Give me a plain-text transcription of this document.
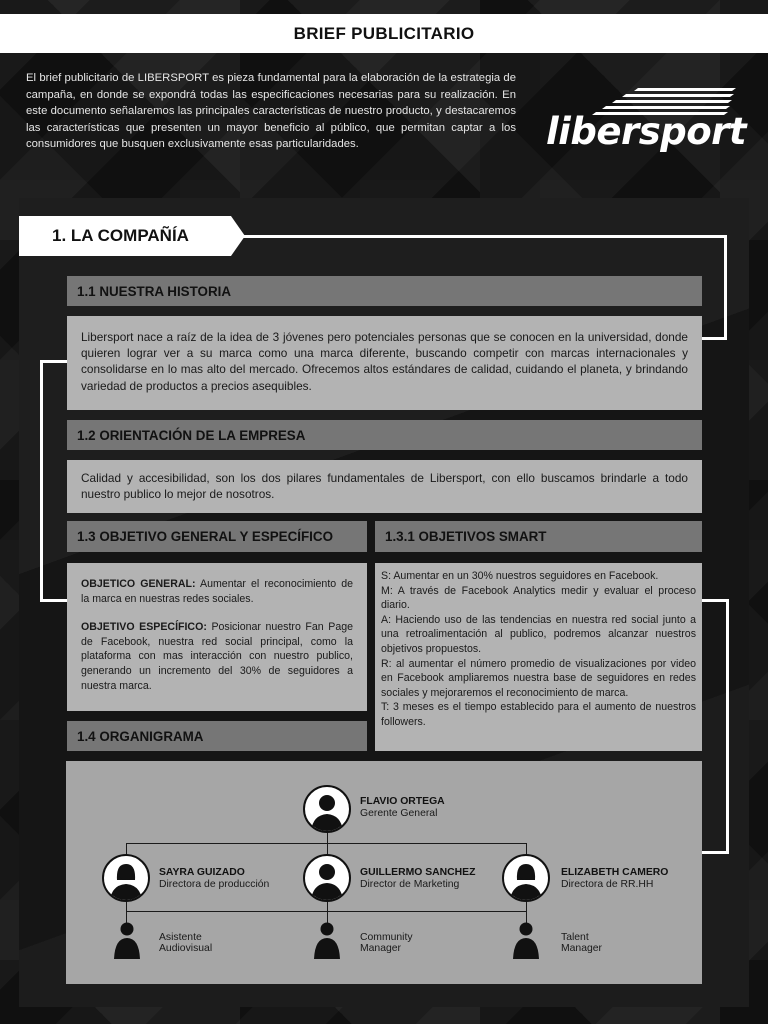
BRIEF PUBLICITARIO
El brief publicitario de LIBERSPORT es pieza fundamental para la elaboración de la estrategia de campaña, en donde se expondrá todas las especificaciones necesarias para su realización. En este documento señalaremos las principales características de nuestro producto, y destacaremos las características que presenten un mayor beneficio al público, que permitan captar a los consumidores que busquen exclusivamente esas particularidades.	libersport
1. LA COMPAÑÍA
1.1 NUESTRA HISTORIA
Libersport nace a raíz de la idea de 3 jóvenes pero potenciales personas que se conocen en la universidad, donde quieren lograr ver a su marca como una marca diferente, buscando competir con marcas internacionales y consolidarse en lo mas alto del mercado. Ofrecemos altos estándares de calidad, cuidando el planeta, y brindando variedad de productos a precios asequibles.
1.2 ORIENTACIÓN DE LA EMPRESA
Calidad y accesibilidad, son los dos pilares fundamentales de Libersport, con ello buscamos brindarle a todo nuestro publico lo mejor de nosotros.
1.3 OBJETIVO GENERAL Y ESPECÍFICO
OBJETICO GENERAL: Aumentar el reconocimiento de la marca en nuestras redes sociales.
OBJETIVO ESPECÍFICO: Posicionar nuestro Fan Page de Facebook, nuestra red social principal, como la plataforma con mas interacción con nuestro publico, generando un incremento del 30% de seguidores a nuestra marca.
1.3.1 OBJETIVOS SMART
S: Aumentar en un 30% nuestros seguidores en Facebook.
M: A través de Facebook Analytics medir y evaluar el proceso diario.
A: Haciendo uso de las tendencias en nuestra red social junto a una retroalimentación al publico, podremos alcanzar nuestros objetivos propuestos.
R: al aumentar el número promedio de visualizaciones por video en Facebook ampliaremos nuestra base de seguidores en redes sociales y mejoraremos el reconocimiento de marca.
T: 3 meses es el tiempo establecido para el aumento de nuestros followers.
1.4 ORGANIGRAMA
FLAVIO ORTEGA
Gerente General
SAYRA GUIZADO
Directora de producción
GUILLERMO SANCHEZ
Director de Marketing
ELIZABETH CAMERO
Directora de RR.HH
Asistente
Audiovisual
Community
Manager
Talent
Manager
